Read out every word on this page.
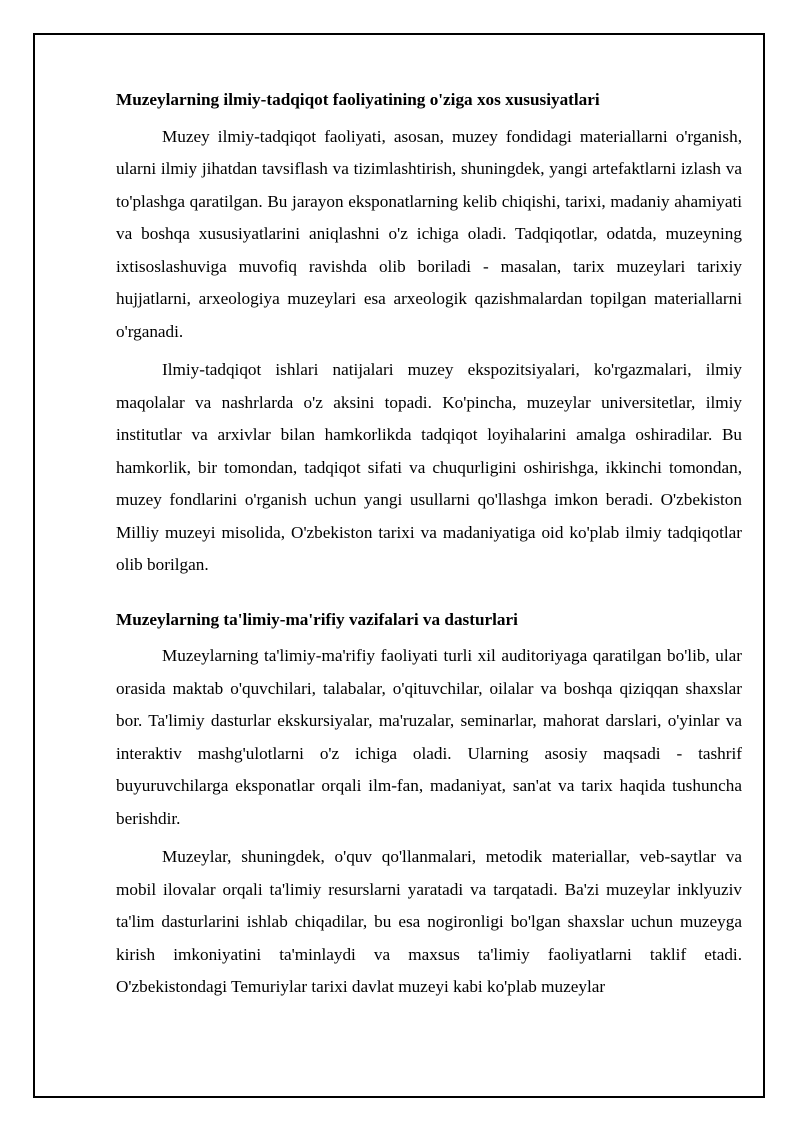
Muzeylarning ilmiy-tadqiqot faoliyatining o'ziga xos xususiyatlari

Muzey ilmiy-tadqiqot faoliyati, asosan, muzey fondidagi materiallarni o'rganish, ularni ilmiy jihatdan tavsiflash va tizimlashtirish, shuningdek, yangi artefaktlarni izlash va to'plashga qaratilgan. Bu jarayon eksponatlarning kelib chiqishi, tarixi, madaniy ahamiyati va boshqa xususiyatlarini aniqlashni o'z ichiga oladi. Tadqiqotlar, odatda, muzeyning ixtisoslashuviga muvofiq ravishda olib boriladi - masalan, tarix muzeylari tarixiy hujjatlarni, arxeologiya muzeylari esa arxeologik qazishmalardan topilgan materiallarni o'rganadi.

Ilmiy-tadqiqot ishlari natijalari muzey ekspozitsiyalari, ko'rgazmalari, ilmiy maqolalar va nashrlarda o'z aksini topadi. Ko'pincha, muzeylar universitetlar, ilmiy institutlar va arxivlar bilan hamkorlikda tadqiqot loyihalarini amalga oshiradilar. Bu hamkorlik, bir tomondan, tadqiqot sifati va chuqurligini oshirishga, ikkinchi tomondan, muzey fondlarini o'rganish uchun yangi usullarni qo'llashga imkon beradi. O'zbekiston Milliy muzeyi misolida, O'zbekiston tarixi va madaniyatiga oid ko'plab ilmiy tadqiqotlar olib borilgan.

Muzeylarning ta'limiy-ma'rifiy vazifalari va dasturlari

Muzeylarning ta'limiy-ma'rifiy faoliyati turli xil auditoriyaga qaratilgan bo'lib, ular orasida maktab o'quvchilari, talabalar, o'qituvchilar, oilalar va boshqa qiziqqan shaxslar bor. Ta'limiy dasturlar ekskursiyalar, ma'ruzalar, seminarlar, mahorat darslari, o'yinlar va interaktiv mashg'ulotlarni o'z ichiga oladi. Ularning asosiy maqsadi - tashrif buyuruvchilarga eksponatlar orqali ilm-fan, madaniyat, san'at va tarix haqida tushuncha berishdir.

Muzeylar, shuningdek, o'quv qo'llanmalari, metodik materiallar, veb-saytlar va mobil ilovalar orqali ta'limiy resurslarni yaratadi va tarqatadi. Ba'zi muzeylar inklyuziv ta'lim dasturlarini ishlab chiqadilar, bu esa nogironligi bo'lgan shaxslar uchun muzeyga kirish imkoniyatini ta'minlaydi va maxsus ta'limiy faoliyatlarni taklif etadi. O'zbekistondagi Temuriylar tarixi davlat muzeyi kabi ko'plab muzeylar
